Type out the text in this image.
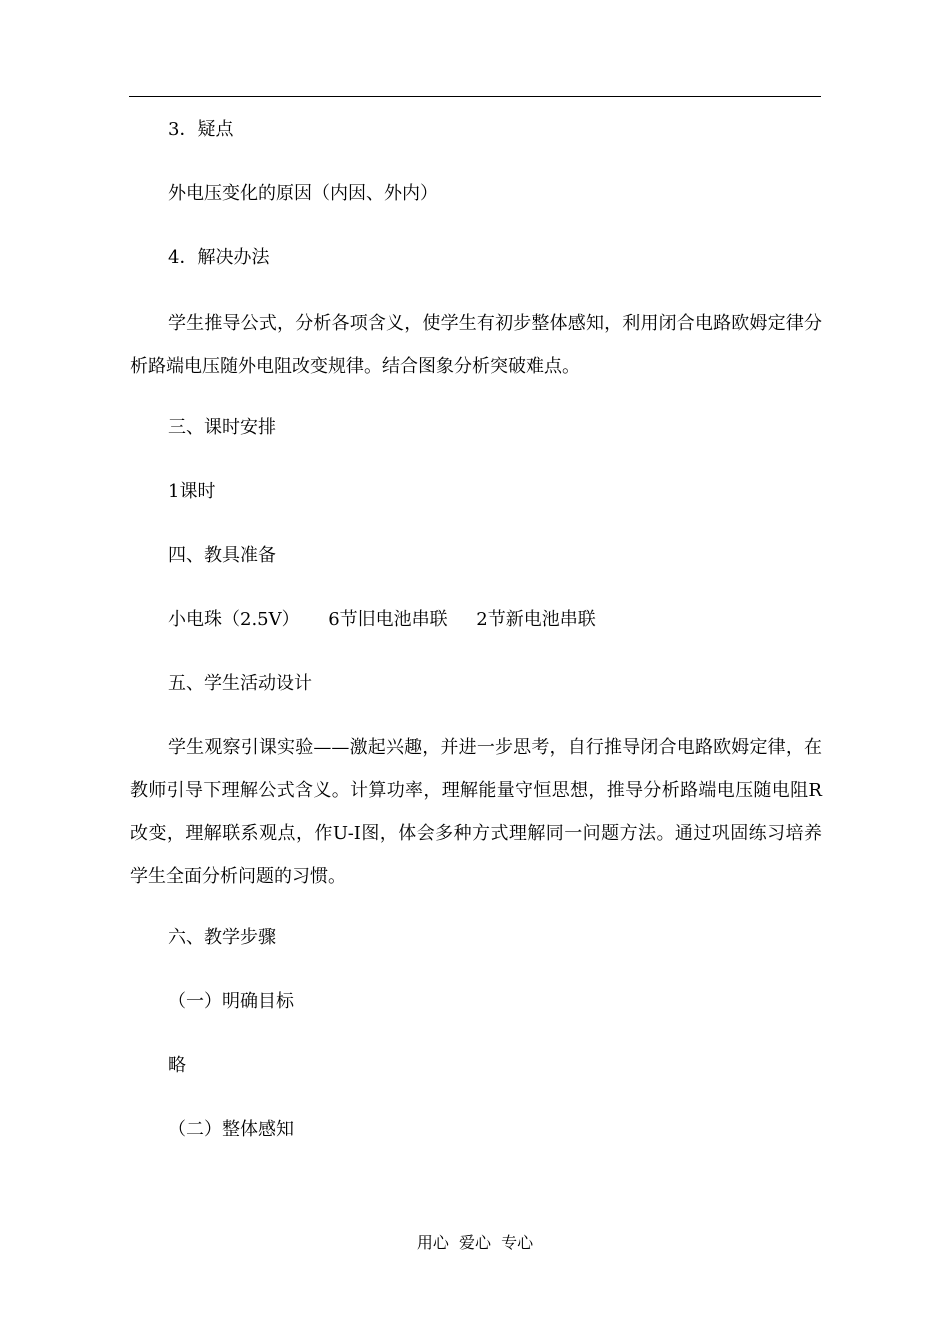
3．疑点
外电压变化的原因（内因、外内）
4．解决办法
学生推导公式，分析各项含义，使学生有初步整体感知，利用闭合电路欧姆定律分析路端电压随外电阻改变规律。结合图象分析突破难点。
三、课时安排
1课时
四、教具准备
小电珠（2.5V）     6节旧电池串联     2节新电池串联
五、学生活动设计
学生观察引课实验——激起兴趣，并进一步思考，自行推导闭合电路欧姆定律，在教师引导下理解公式含义。计算功率，理解能量守恒思想，推导分析路端电压随电阻R改变，理解联系观点，作U-I图，体会多种方式理解同一问题方法。通过巩固练习培养学生全面分析问题的习惯。
六、教学步骤
（一）明确目标
略
（二）整体感知
用心  爱心  专心
